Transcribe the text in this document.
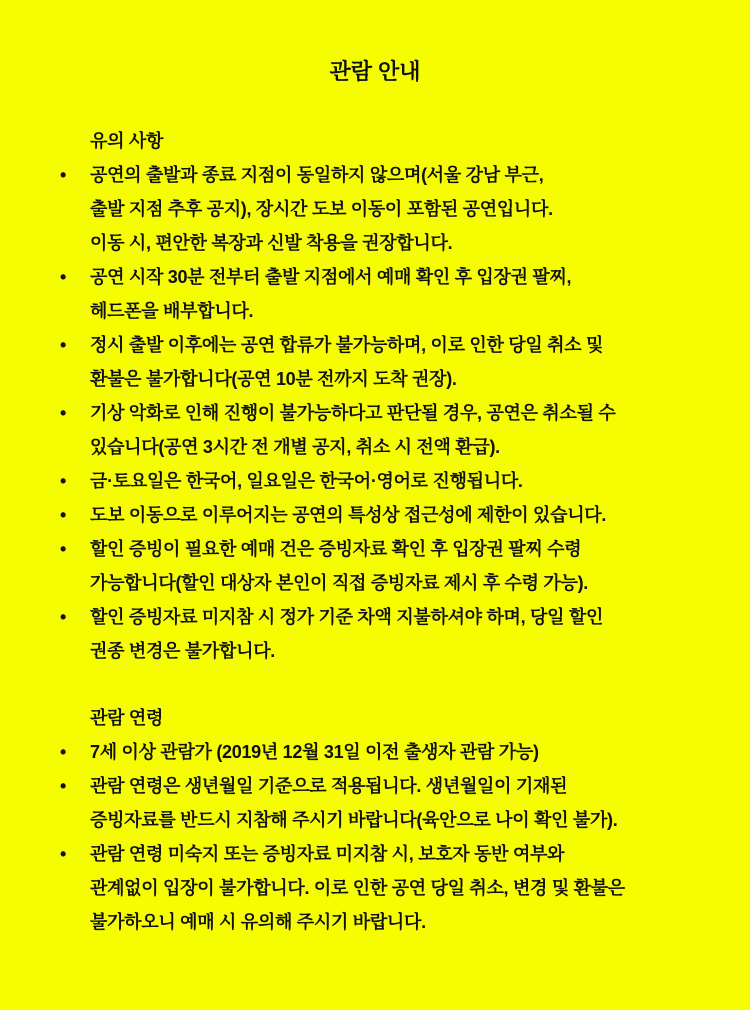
관람 안내
유의 사항
• 공연의 출발과 종료 지점이 동일하지 않으며(서울 강남 부근,
출발 지점 추후 공지), 장시간 도보 이동이 포함된 공연입니다.
이동 시, 편안한 복장과 신발 착용을 권장합니다.
• 공연 시작 30분 전부터 출발 지점에서 예매 확인 후 입장권 팔찌,
헤드폰을 배부합니다.
• 정시 출발 이후에는 공연 합류가 불가능하며, 이로 인한 당일 취소 및
환불은 불가합니다(공연 10분 전까지 도착 권장).
• 기상 악화로 인해 진행이 불가능하다고 판단될 경우, 공연은 취소될 수
있습니다(공연 3시간 전 개별 공지, 취소 시 전액 환급).
• 금·토요일은 한국어, 일요일은 한국어·영어로 진행됩니다.
• 도보 이동으로 이루어지는 공연의 특성상 접근성에 제한이 있습니다.
• 할인 증빙이 필요한 예매 건은 증빙자료 확인 후 입장권 팔찌 수령
가능합니다(할인 대상자 본인이 직접 증빙자료 제시 후 수령 가능).
• 할인 증빙자료 미지참 시 정가 기준 차액 지불하셔야 하며, 당일 할인
권종 변경은 불가합니다.
관람 연령
• 7세 이상 관람가 (2019년 12월 31일 이전 출생자 관람 가능)
• 관람 연령은 생년월일 기준으로 적용됩니다. 생년월일이 기재된
증빙자료를 반드시 지참해 주시기 바랍니다(육안으로 나이 확인 불가).
• 관람 연령 미숙지 또는 증빙자료 미지참 시, 보호자 동반 여부와
관계없이 입장이 불가합니다. 이로 인한 공연 당일 취소, 변경 및 환불은
불가하오니 예매 시 유의해 주시기 바랍니다.
